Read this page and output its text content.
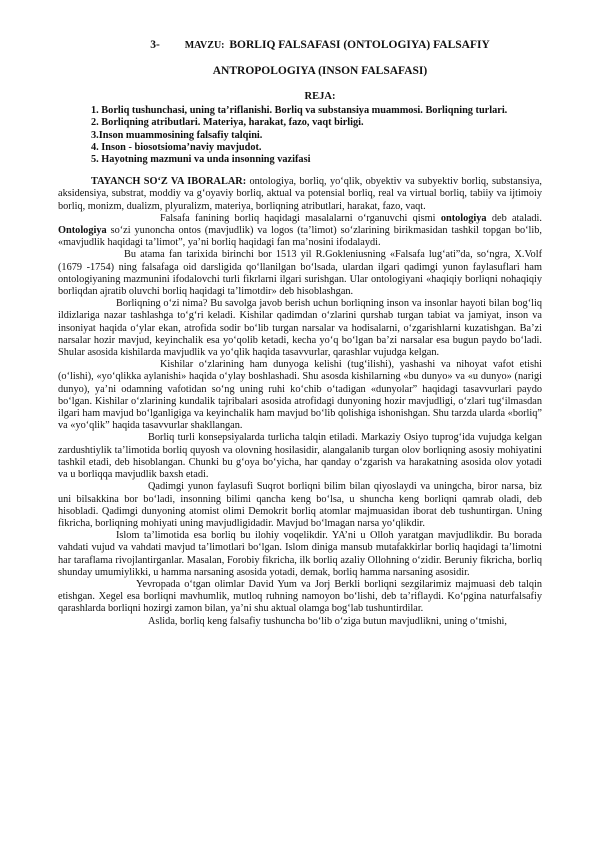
3- MAVZU: BORLIQ FALSAFASI (ONTOLOGIYA) FALSAFIY

ANTROPOLOGIYA (INSON FALSAFASI)

REJA:

1. Borliq tushunchasi, uning ta’riflanishi. Borliq va substansiya muammosi. Borliqning turlari.
2. Borliqning atributlari. Materiya, harakat, fazo, vaqt birligi.
3.Inson muammosining falsafiy talqini.
4. Inson - biosotsioma’naviy mavjudot.
5. Hayotning mazmuni va unda insonning vazifasi

TAYANCH SO‘Z VA IBORALAR: ontologiya, borliq, yo‘qlik, obyektiv va subyektiv borliq, substansiya, aksidensiya, substrat, moddiy va g‘oyaviy borliq, aktual va potensial borliq, real va virtual borliq, tabiiy va ijtimoiy borliq, monizm, dualizm, plyuralizm, materiya, borliqning atributlari, harakat, fazo, vaqt.

Falsafa fanining borliq haqidagi masalalarni o‘rganuvchi qismi ontologiya deb ataladi. Ontologiya so‘zi yunoncha ontos (mavjudlik) va logos (ta’limot) so‘zlarining birikmasidan tashkil topgan bo‘lib, «mavjudlik haqidagi ta’limot”, ya’ni borliq haqidagi fan ma’nosini ifodalaydi.

Bu atama fan tarixida birinchi bor 1513 yil R.Gokleniusning «Falsafa lug‘ati”da, so‘ngra, X.Volf (1679 -1754) ning falsafaga oid darsligida qo‘llanilgan bo‘lsada, ulardan ilgari qadimgi yunon faylasuflari ham ontologiyaning mazmunini ifodalovchi turli fikrlarni ilgari surishgan. Ular ontologiyani «haqiqiy borliqni nohaqiqiy borliqdan ajratib oluvchi borliq haqidagi ta’limotdir» deb hisoblashgan.

Borliqning o‘zi nima? Bu savolga javob berish uchun borliqning inson va insonlar hayoti bilan bog‘liq ildizlariga nazar tashlashga to‘g‘ri keladi. Kishilar qadimdan o‘zlarini qurshab turgan tabiat va jamiyat, inson va insoniyat haqida o‘ylar ekan, atrofida sodir bo‘lib turgan narsalar va hodisalarni, o‘zgarishlarni kuzatishgan. Ba’zi narsalar hozir mavjud, keyinchalik esa yo‘qolib ketadi, kecha yo‘q bo‘lgan ba’zi narsalar esa bugun paydo bo‘ladi. Shular asosida kishilarda mavjudlik va yo‘qlik haqida tasavvurlar, qarashlar vujudga kelgan.

Kishilar o‘zlarining ham dunyoga kelishi (tug‘ilishi), yashashi va nihoyat vafot etishi (o‘lishi), «yo‘qlikka aylanishi» haqida o‘ylay boshlashadi. Shu asosda kishilarning «bu dunyo» va «u dunyo» (narigi dunyo), ya’ni odamning vafotidan so‘ng uning ruhi ko‘chib o‘tadigan «dunyolar” haqidagi tasavvurlari paydo bo‘lgan. Kishilar o‘zlarining kundalik tajribalari asosida atrofidagi dunyoning hozir mavjudligi, o‘zlari tug‘ilmasdan ilgari ham mavjud bo‘lganligiga va keyinchalik ham mavjud bo‘lib qolishiga ishonishgan. Shu tarzda ularda «borliq” va «yo‘qlik” haqida tasavvurlar shakllangan.

Borliq turli konsepsiyalarda turlicha talqin etiladi. Markaziy Osiyo tuprog‘ida vujudga kelgan zardushtiylik ta’limotida borliq quyosh va olovning hosilasidir, alangalanib turgan olov borliqning asosiy mohiyatini tashkil etadi, deb hisoblangan. Chunki bu g‘oya bo‘yicha, har qanday o‘zgarish va harakatning asosida olov yotadi va u borliqqa mavjudlik baxsh etadi.

Qadimgi yunon faylasufi Suqrot borliqni bilim bilan qiyoslaydi va uningcha, biror narsa, biz uni bilsakkina bor bo‘ladi, insonning bilimi qancha keng bo‘lsa, u shuncha keng borliqni qamrab oladi, deb hisobladi. Qadimgi dunyoning atomist olimi Demokrit borliq atomlar majmuasidan iborat deb tushuntirgan. Uning fikricha, borliqning mohiyati uning mavjudligidadir. Mavjud bo‘lmagan narsa yo‘qlikdir.

Islom ta’limotida esa borliq bu ilohiy voqelikdir. YA’ni u Olloh yaratgan mavjudlikdir. Bu borada vahdati vujud va vahdati mavjud ta’limotlari bo‘lgan. Islom diniga mansub mutafakkirlar borliq haqidagi ta’limotni har taraflama rivojlantirganlar. Masalan, Forobiy fikricha, ilk borliq azaliy Ollohning o‘zidir. Beruniy fikricha, borliq shunday umumiylikki, u hamma narsaning asosida yotadi, demak, borliq hamma narsaning asosidir.

Yevropada o‘tgan olimlar David Yum va Jorj Berkli borliqni sezgilarimiz majmuasi deb talqin etishgan. Xegel esa borliqni mavhumlik, mutloq ruhning namoyon bo‘lishi, deb ta’riflaydi. Ko‘pgina naturfalsafiy qarashlarda borliqni hozirgi zamon bilan, ya’ni shu aktual olamga bog‘lab tushuntirdilar.

Aslida, borliq keng falsafiy tushuncha bo‘lib o‘ziga butun mavjudlikni, uning o‘tmishi,
